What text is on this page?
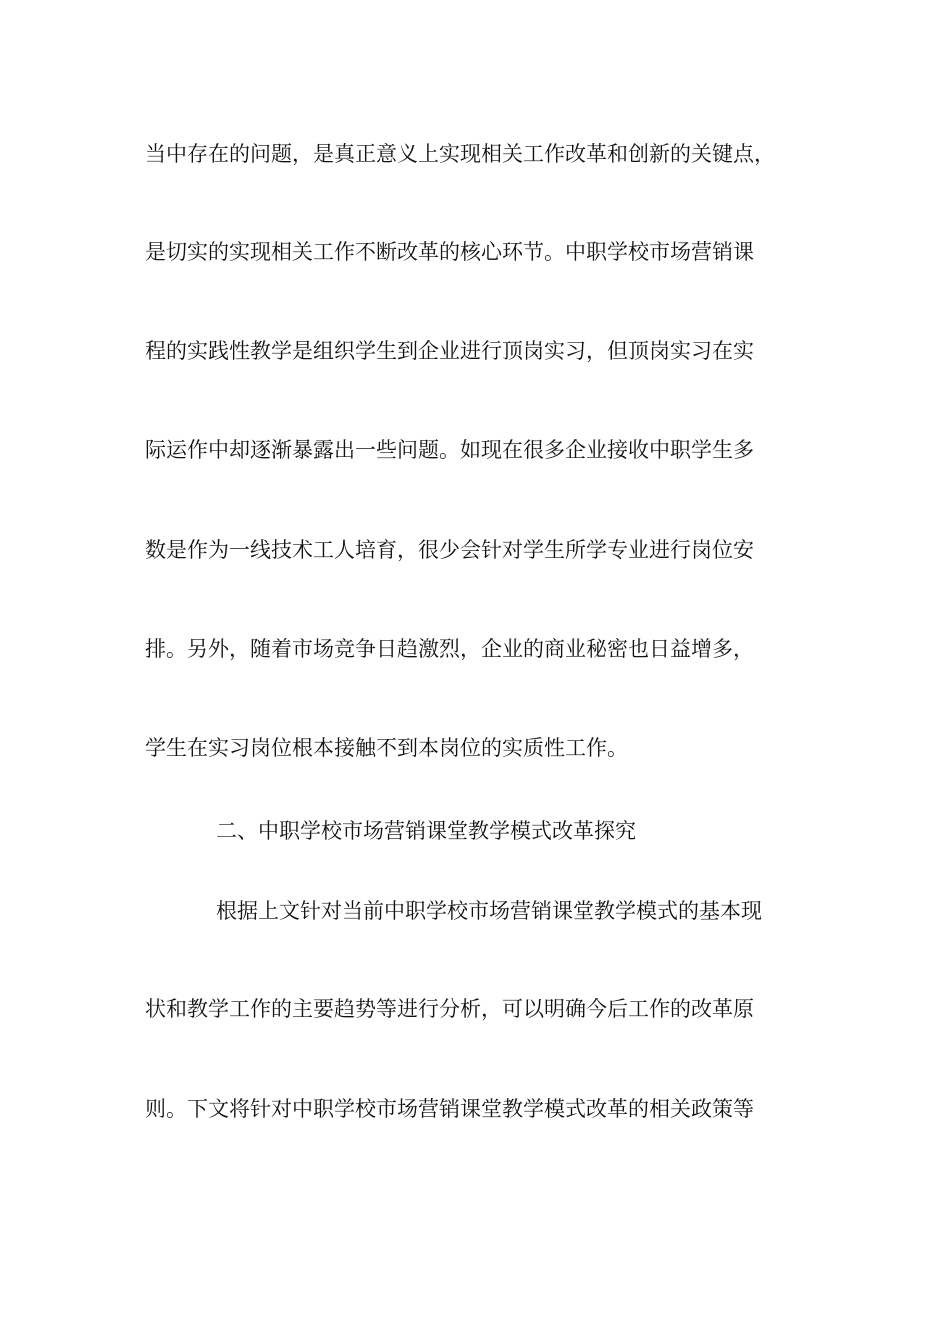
当中存在的问题，是真正意义上实现相关工作改革和创新的关键点，
是切实的实现相关工作不断改革的核心环节。中职学校市场营销课
程的实践性教学是组织学生到企业进行顶岗实习，但顶岗实习在实
际运作中却逐渐暴露出一些问题。如现在很多企业接收中职学生多
数是作为一线技术工人培育，很少会针对学生所学专业进行岗位安
排。另外，随着市场竞争日趋激烈，企业的商业秘密也日益增多，
学生在实习岗位根本接触不到本岗位的实质性工作。
二、中职学校市场营销课堂教学模式改革探究
根据上文针对当前中职学校市场营销课堂教学模式的基本现
状和教学工作的主要趋势等进行分析，可以明确今后工作的改革原
则。下文将针对中职学校市场营销课堂教学模式改革的相关政策等
